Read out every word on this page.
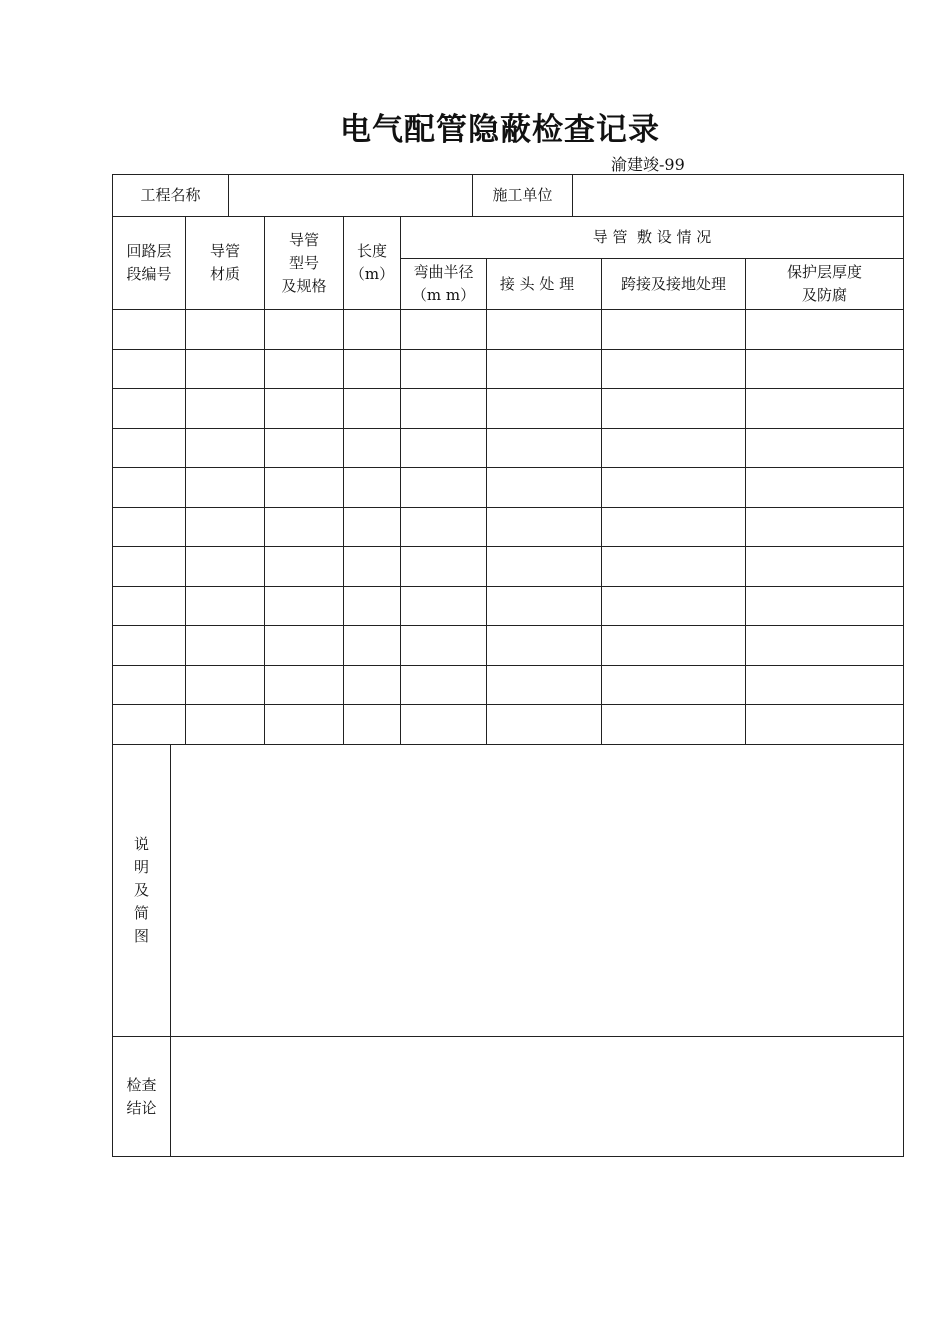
电气配管隐蔽检查记录
渝建竣-99
工程名称	施工单位
回路层
段编号
导管
材质
导管
型号
及规格
长度
（m）
导 管  敷 设 情 况
弯曲半径
（m m）
接 头 处 理	跨接及接地处理
保护层厚度
及防腐
说
明
及
简
图
检查
结论
